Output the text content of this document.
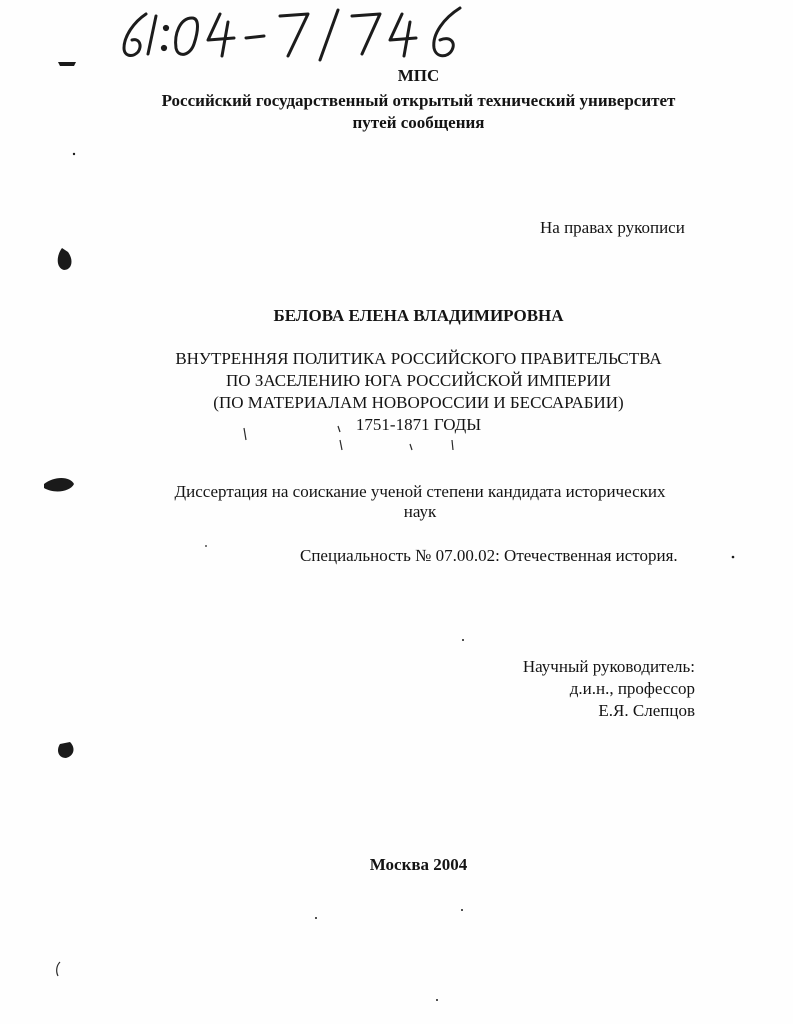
МПС
Российский государственный открытый технический университет
путей сообщения
На правах рукописи
БЕЛОВА ЕЛЕНА ВЛАДИМИРОВНА
ВНУТРЕННЯЯ ПОЛИТИКА РОССИЙСКОГО ПРАВИТЕЛЬСТВА
ПО ЗАСЕЛЕНИЮ ЮГА РОССИЙСКОЙ ИМПЕРИИ
(ПО МАТЕРИАЛАМ НОВОРОССИИ И БЕССАРАБИИ)
1751-1871 ГОДЫ
Диссертация на соискание ученой степени кандидата исторических наук
Специальность № 07.00.02: Отечественная история.
Научный руководитель:
д.и.н., профессор
Е.Я. Слепцов
Москва 2004
